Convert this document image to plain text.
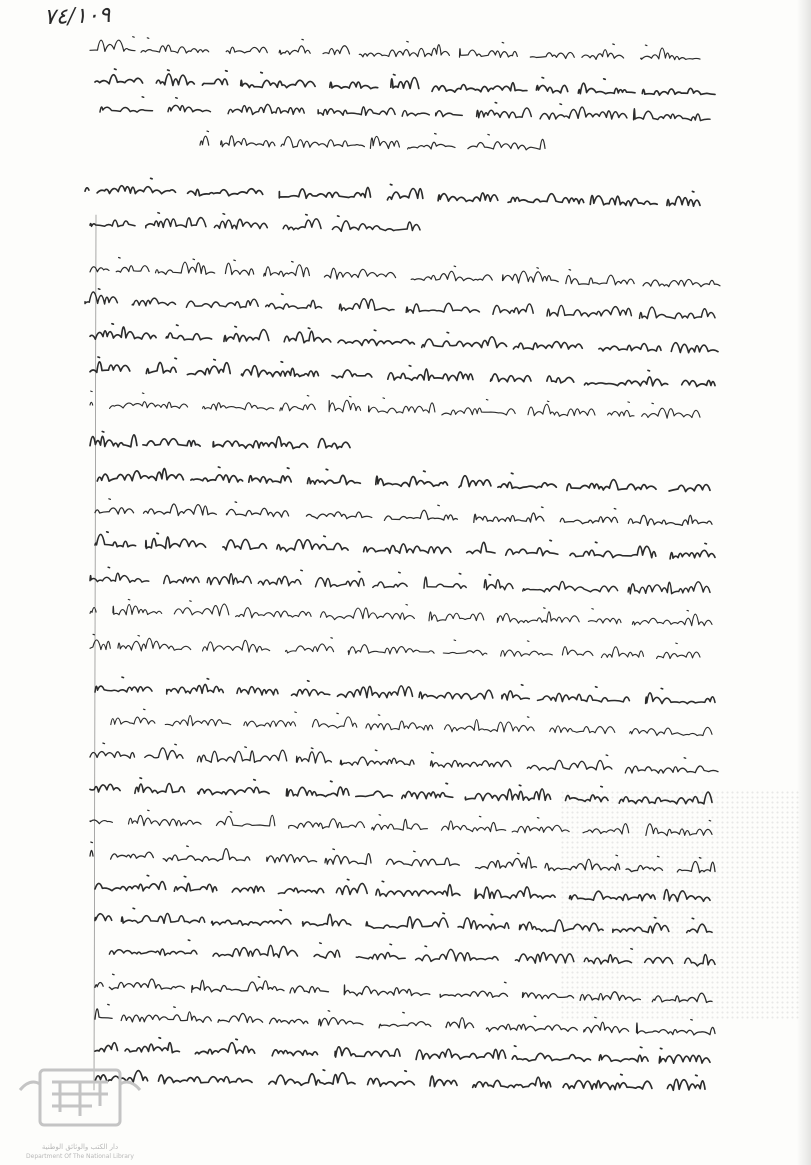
٧٤/١٠٩
دار الكتب والوثائق الوطنية
Department Of The National Library
